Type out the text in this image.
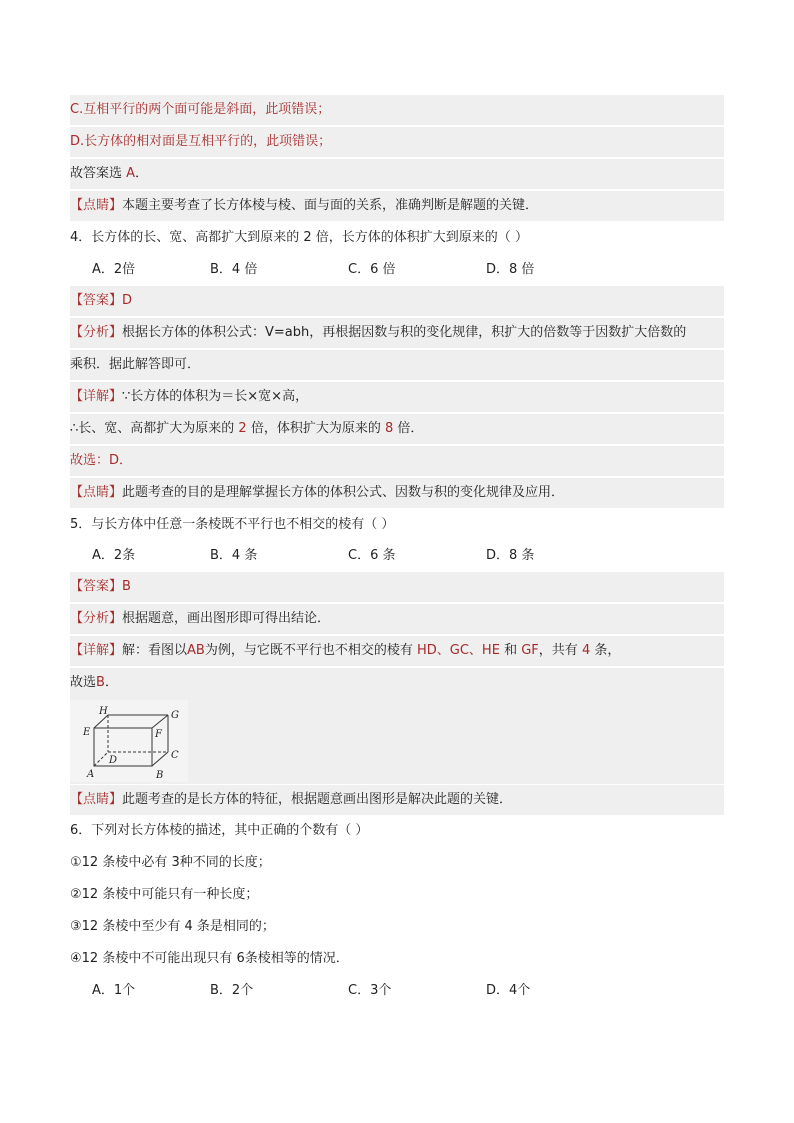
C.互相平行的两个面可能是斜面，此项错误；
D.长方体的相对面是互相平行的，此项错误；
故答案选 A．
【点睛】本题主要考查了长方体棱与棱、面与面的关系，准确判断是解题的关键．
4．长方体的长、宽、高都扩大到原来的 2 倍，长方体的体积扩大到原来的（ ）
A．2倍	B．4 倍	C．6 倍	D．8 倍
【答案】D
【分析】根据长方体的体积公式：V=abh，再根据因数与积的变化规律，积扩大的倍数等于因数扩大倍数的
乘积．据此解答即可．
【详解】∵长方体的体积为＝长×宽×高，
∴长、宽、高都扩大为原来的 2 倍，体积扩大为原来的 8 倍．
故选：D．
【点睛】此题考查的目的是理解掌握长方体的体积公式、因数与积的变化规律及应用．
5．与长方体中任意一条棱既不平行也不相交的棱有（ ）
A．2条	B．4 条	C．6 条	D．8 条
【答案】B
【分析】根据题意，画出图形即可得出结论．
【详解】解：看图以AB为例，与它既不平行也不相交的棱有 HD、GC、HE 和 GF，共有 4 条，
故选B．
H	G
E	F
D	C
A	B
【点睛】此题考查的是长方体的特征，根据题意画出图形是解决此题的关键．
6．下列对长方体棱的描述，其中正确的个数有（ ）
①12 条棱中必有 3种不同的长度；
②12 条棱中可能只有一种长度；
③12 条棱中至少有 4 条是相同的；
④12 条棱中不可能出现只有 6条棱相等的情况．
A．1个	B．2个	C．3个	D．4个
